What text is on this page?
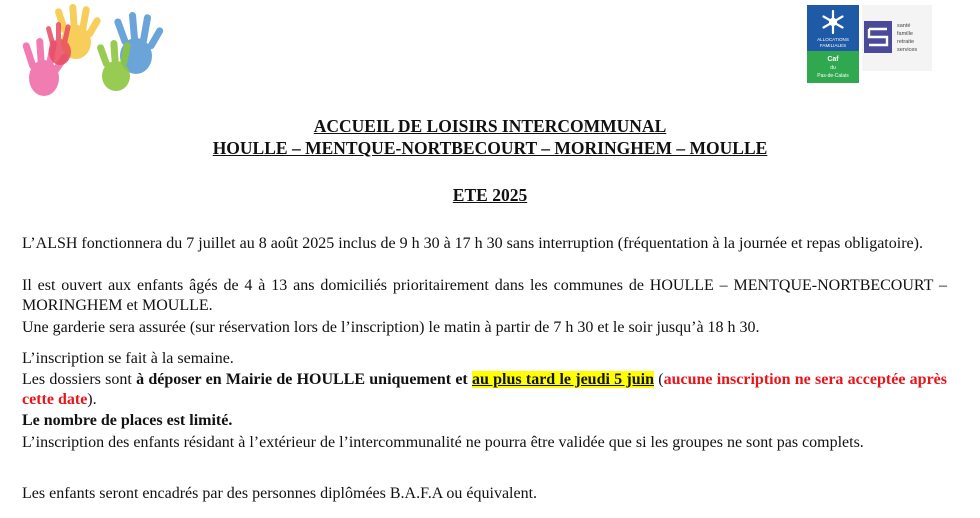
ALLOCATIONS
FAMILIALES
Caf
du
Pas-de-Calais
santé
famille
retraite
services

ACCUEIL DE LOISIRS INTERCOMMUNAL

HOULLE – MENTQUE-NORTBECOURT – MORINGHEM – MOULLE

ETE 2025

L’ALSH fonctionnera du 7 juillet au 8 août 2025 inclus de 9 h 30 à 17 h 30 sans interruption (fréquentation à la journée et repas obligatoire).

Il est ouvert aux enfants âgés de 4 à 13 ans domiciliés prioritairement dans les communes de HOULLE – MENTQUE-NORTBECOURT – MORINGHEM et MOULLE.

Une garderie sera assurée (sur réservation lors de l’inscription) le matin à partir de 7 h 30 et le soir jusqu’à 18 h 30.

L’inscription se fait à la semaine.

Les dossiers sont à déposer en Mairie de HOULLE uniquement et au plus tard le jeudi 5 juin (aucune inscription ne sera acceptée après cette date).

Le nombre de places est limité.

L’inscription des enfants résidant à l’extérieur de l’intercommunalité ne pourra être validée que si les groupes ne sont pas complets.

Les enfants seront encadrés par des personnes diplômées B.A.F.A ou équivalent.
